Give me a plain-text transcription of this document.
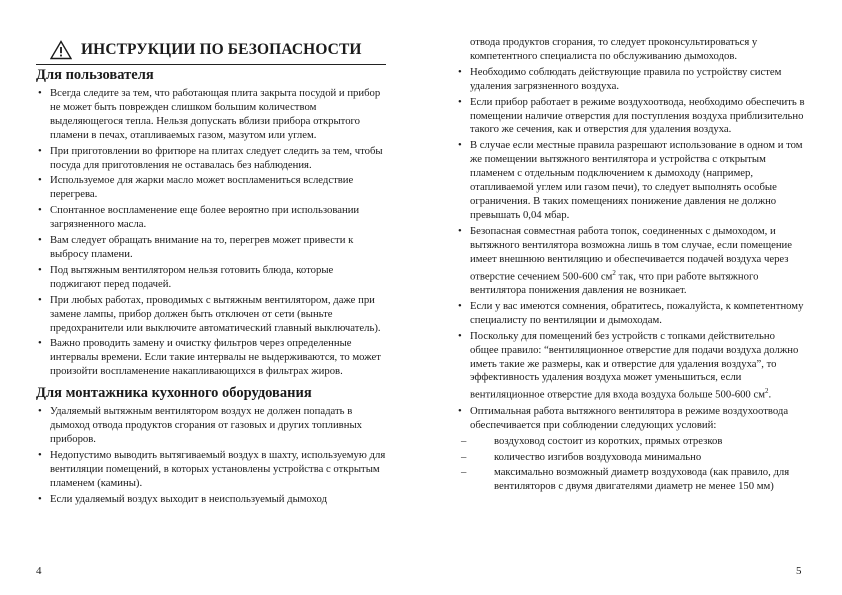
ИНСТРУКЦИИ ПО БЕЗОПАСНОСТИ
Для пользователя
• Всегда следите за тем, что работающая плита закрыта посудой и прибор не может быть поврежден слишком большим количеством выделяющегося тепла. Нельзя допускать вблизи прибора открытого пламени в печах, отапливаемых газом, мазутом или углем.
• При приготовлении во фритюре на плитах следует следить за тем, чтобы посуда для приготовления не оставалась без наблюдения.
• Используемое для жарки масло может воспламениться вследствие перегрева.
• Спонтанное воспламенение еще более вероятно при использовании загрязненного масла.
• Вам следует обращать внимание на то, перегрев может привести к выбросу пламени.
• Под вытяжным вентилятором нельзя готовить блюда, которые поджигают перед подачей.
• При любых работах, проводимых с вытяжным вентилятором, даже при замене лампы, прибор должен быть отключен от сети (выньте предохранители или выключите автоматический главный выключатель).
• Важно проводить замену и очистку фильтров через определенные интервалы времени. Если такие интервалы не выдерживаются, то может произойти воспламенение накапливающихся в фильтрах жиров.
Для монтажника кухонного оборудования
• Удаляемый вытяжным вентилятором воздух не должен попадать в дымоход отвода продуктов сгорания от газовых и других топливных приборов.
• Недопустимо выводить вытягиваемый воздух в шахту, используемую для вентиляции помещений, в которых установлены устройства с открытым пламенем (камины).
• Если удаляемый воздух выходит в неиспользуемый дымоход
4
отвода продуктов сгорания, то следует проконсультироваться у компетентного специалиста по обслуживанию дымоходов.
• Необходимо соблюдать действующие правила по устройству систем удаления загрязненного воздуха.
• Если прибор работает в режиме воздухоотвода, необходимо обеспечить в помещении наличие отверстия для поступления воздуха приблизительно такого же сечения, как и отверстия для удаления воздуха.
• В случае если местные правила разрешают использование в одном и том же помещении вытяжного вентилятора и устройства с открытым пламенем с отдельным подключением к дымоходу (например, отапливаемой углем или газом печи), то следует выполнять особые ограничения. В таких помещениях понижение давления не должно превышать 0,04 мбар.
• Безопасная совместная работа топок, соединенных с дымоходом, и вытяжного вентилятора возможна лишь в том случае, если помещение имеет внешнюю вентиляцию и обеспечивается подачей воздуха через отверстие сечением 500-600 $см^2$ так, что при работе вытяжного вентилятора понижения давления не возникает.
• Если у вас имеются сомнения, обратитесь, пожалуйста, к компетентному специалисту по вентиляции и дымоходам.
• Поскольку для помещений без устройств с топками действительно общее правило: “вентиляционное отверстие для подачи воздуха должно иметь такие же размеры, как и отверстие для удаления воздуха”, то эффективность удаления воздуха может уменьшиться, если вентиляционное отверстие для входа воздуха больше 500-600 $см^2$.
• Оптимальная работа вытяжного вентилятора в режиме воздухоотвода обеспечивается при соблюдении следующих условий:
– воздуховод состоит из коротких, прямых отрезков
– количество изгибов воздуховода минимально
– максимально возможный диаметр воздуховода (как правило, для вентиляторов с двумя двигателями диаметр не менее 150 мм)
5
